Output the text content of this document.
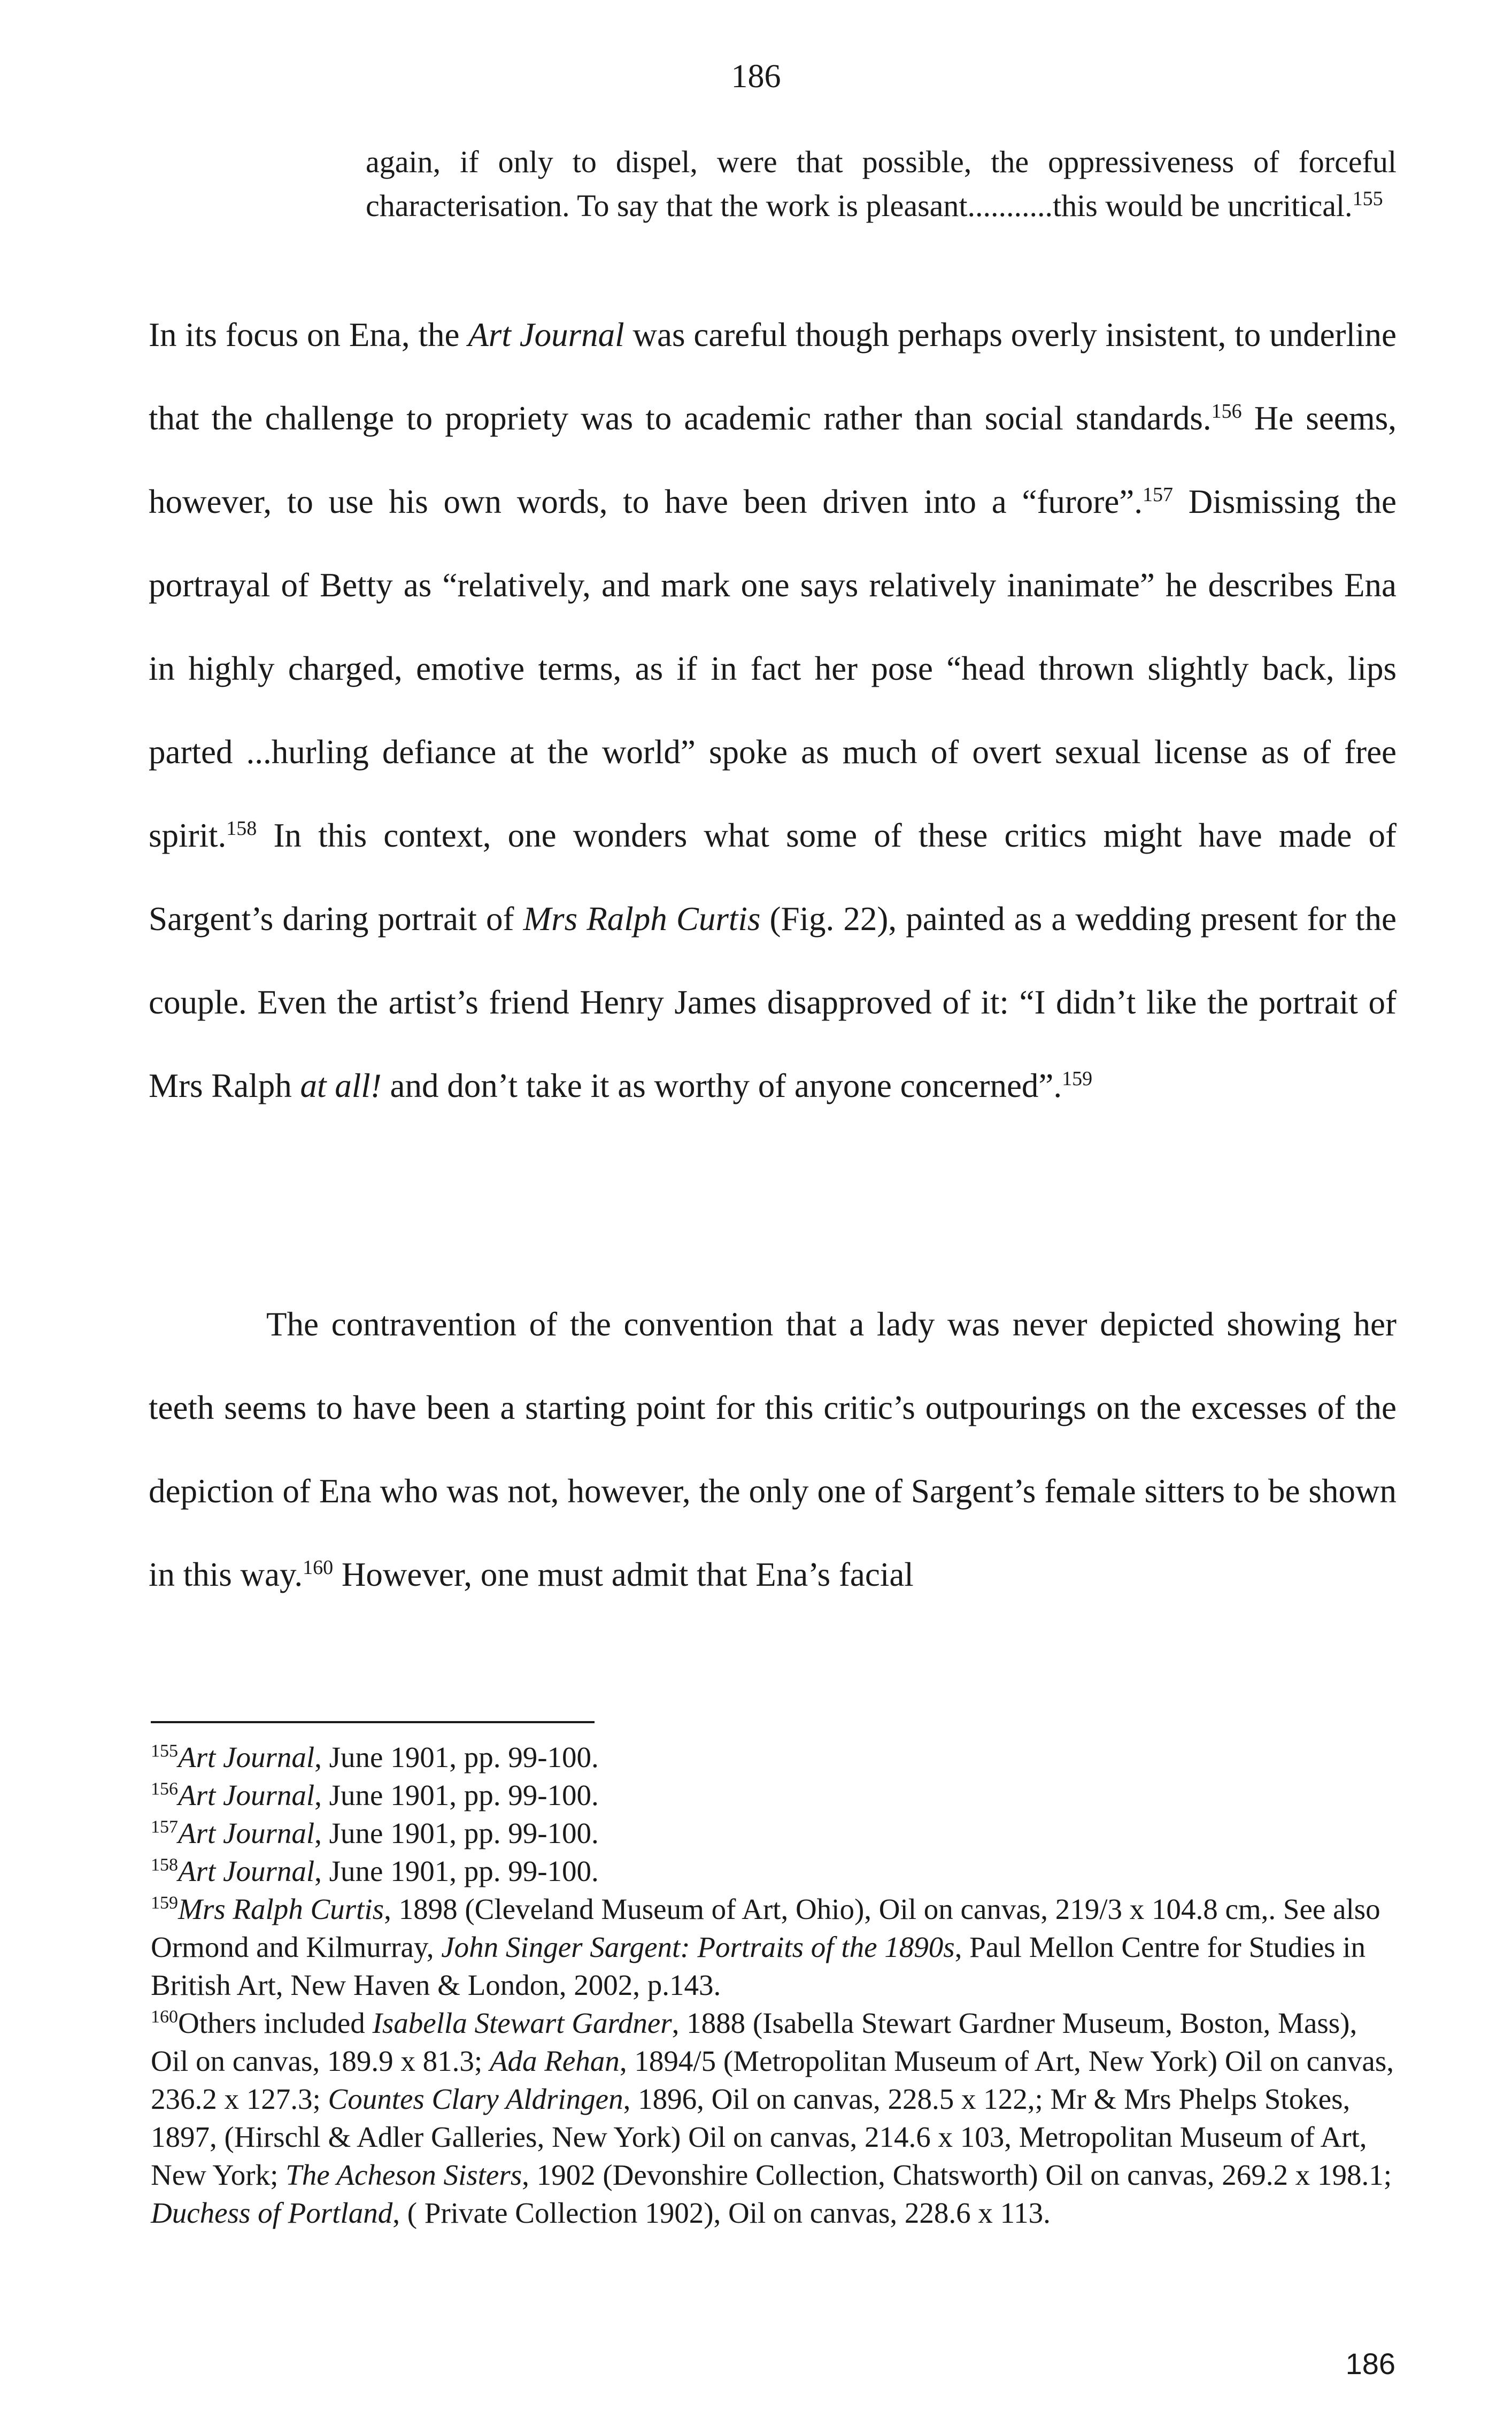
186
again, if only to dispel, were that possible, the oppressiveness of forceful characterisation. To say that the work is pleasant...........this would be uncritical.$^{155}$
In its focus on Ena, the Art Journal was careful though perhaps overly insistent, to underline that the challenge to propriety was to academic rather than social standards.$^{156}$ He seems, however, to use his own words, to have been driven into a “furore”.$^{157}$ Dismissing the portrayal of Betty as “relatively, and mark one says relatively inanimate” he describes Ena in highly charged, emotive terms, as if in fact her pose “head thrown slightly back, lips parted ...hurling defiance at the world” spoke as much of overt sexual license as of free spirit.$^{158}$ In this context, one wonders what some of these critics might have made of Sargent’s daring portrait of Mrs Ralph Curtis (Fig. 22), painted as a wedding present for the couple. Even the artist’s friend Henry James disapproved of it: “I didn’t like the portrait of Mrs Ralph at all! and don’t take it as worthy of anyone concerned”.$^{159}$
The contravention of the convention that a lady was never depicted showing her teeth seems to have been a starting point for this critic’s outpourings on the excesses of the depiction of Ena who was not, however, the only one of Sargent’s female sitters to be shown in this way.$^{160}$ However, one must admit that Ena’s facial

$^{155}$Art Journal, June 1901, pp. 99-100.

$^{156}$Art Journal, June 1901, pp. 99-100.

$^{157}$Art Journal, June 1901, pp. 99-100.

$^{158}$Art Journal, June 1901, pp. 99-100.

$^{159}$Mrs Ralph Curtis, 1898 (Cleveland Museum of Art, Ohio), Oil on canvas, 219/3 x 104.8 cm,. See also Ormond and Kilmurray, John Singer Sargent: Portraits of the 1890s, Paul Mellon Centre for Studies in British Art, New Haven & London, 2002, p.143.

$^{160}$Others included Isabella Stewart Gardner, 1888 (Isabella Stewart Gardner Museum, Boston, Mass), Oil on canvas, 189.9 x 81.3; Ada Rehan, 1894/5 (Metropolitan Museum of Art, New York) Oil on canvas, 236.2 x 127.3; Countes Clary Aldringen, 1896, Oil on canvas, 228.5 x 122,; Mr & Mrs Phelps Stokes, 1897, (Hirschl & Adler Galleries, New York) Oil on canvas, 214.6 x 103, Metropolitan Museum of Art, New York; The Acheson Sisters, 1902 (Devonshire Collection, Chatsworth) Oil on canvas, 269.2 x 198.1; Duchess of Portland, ( Private Collection 1902), Oil on canvas, 228.6 x 113.

186
